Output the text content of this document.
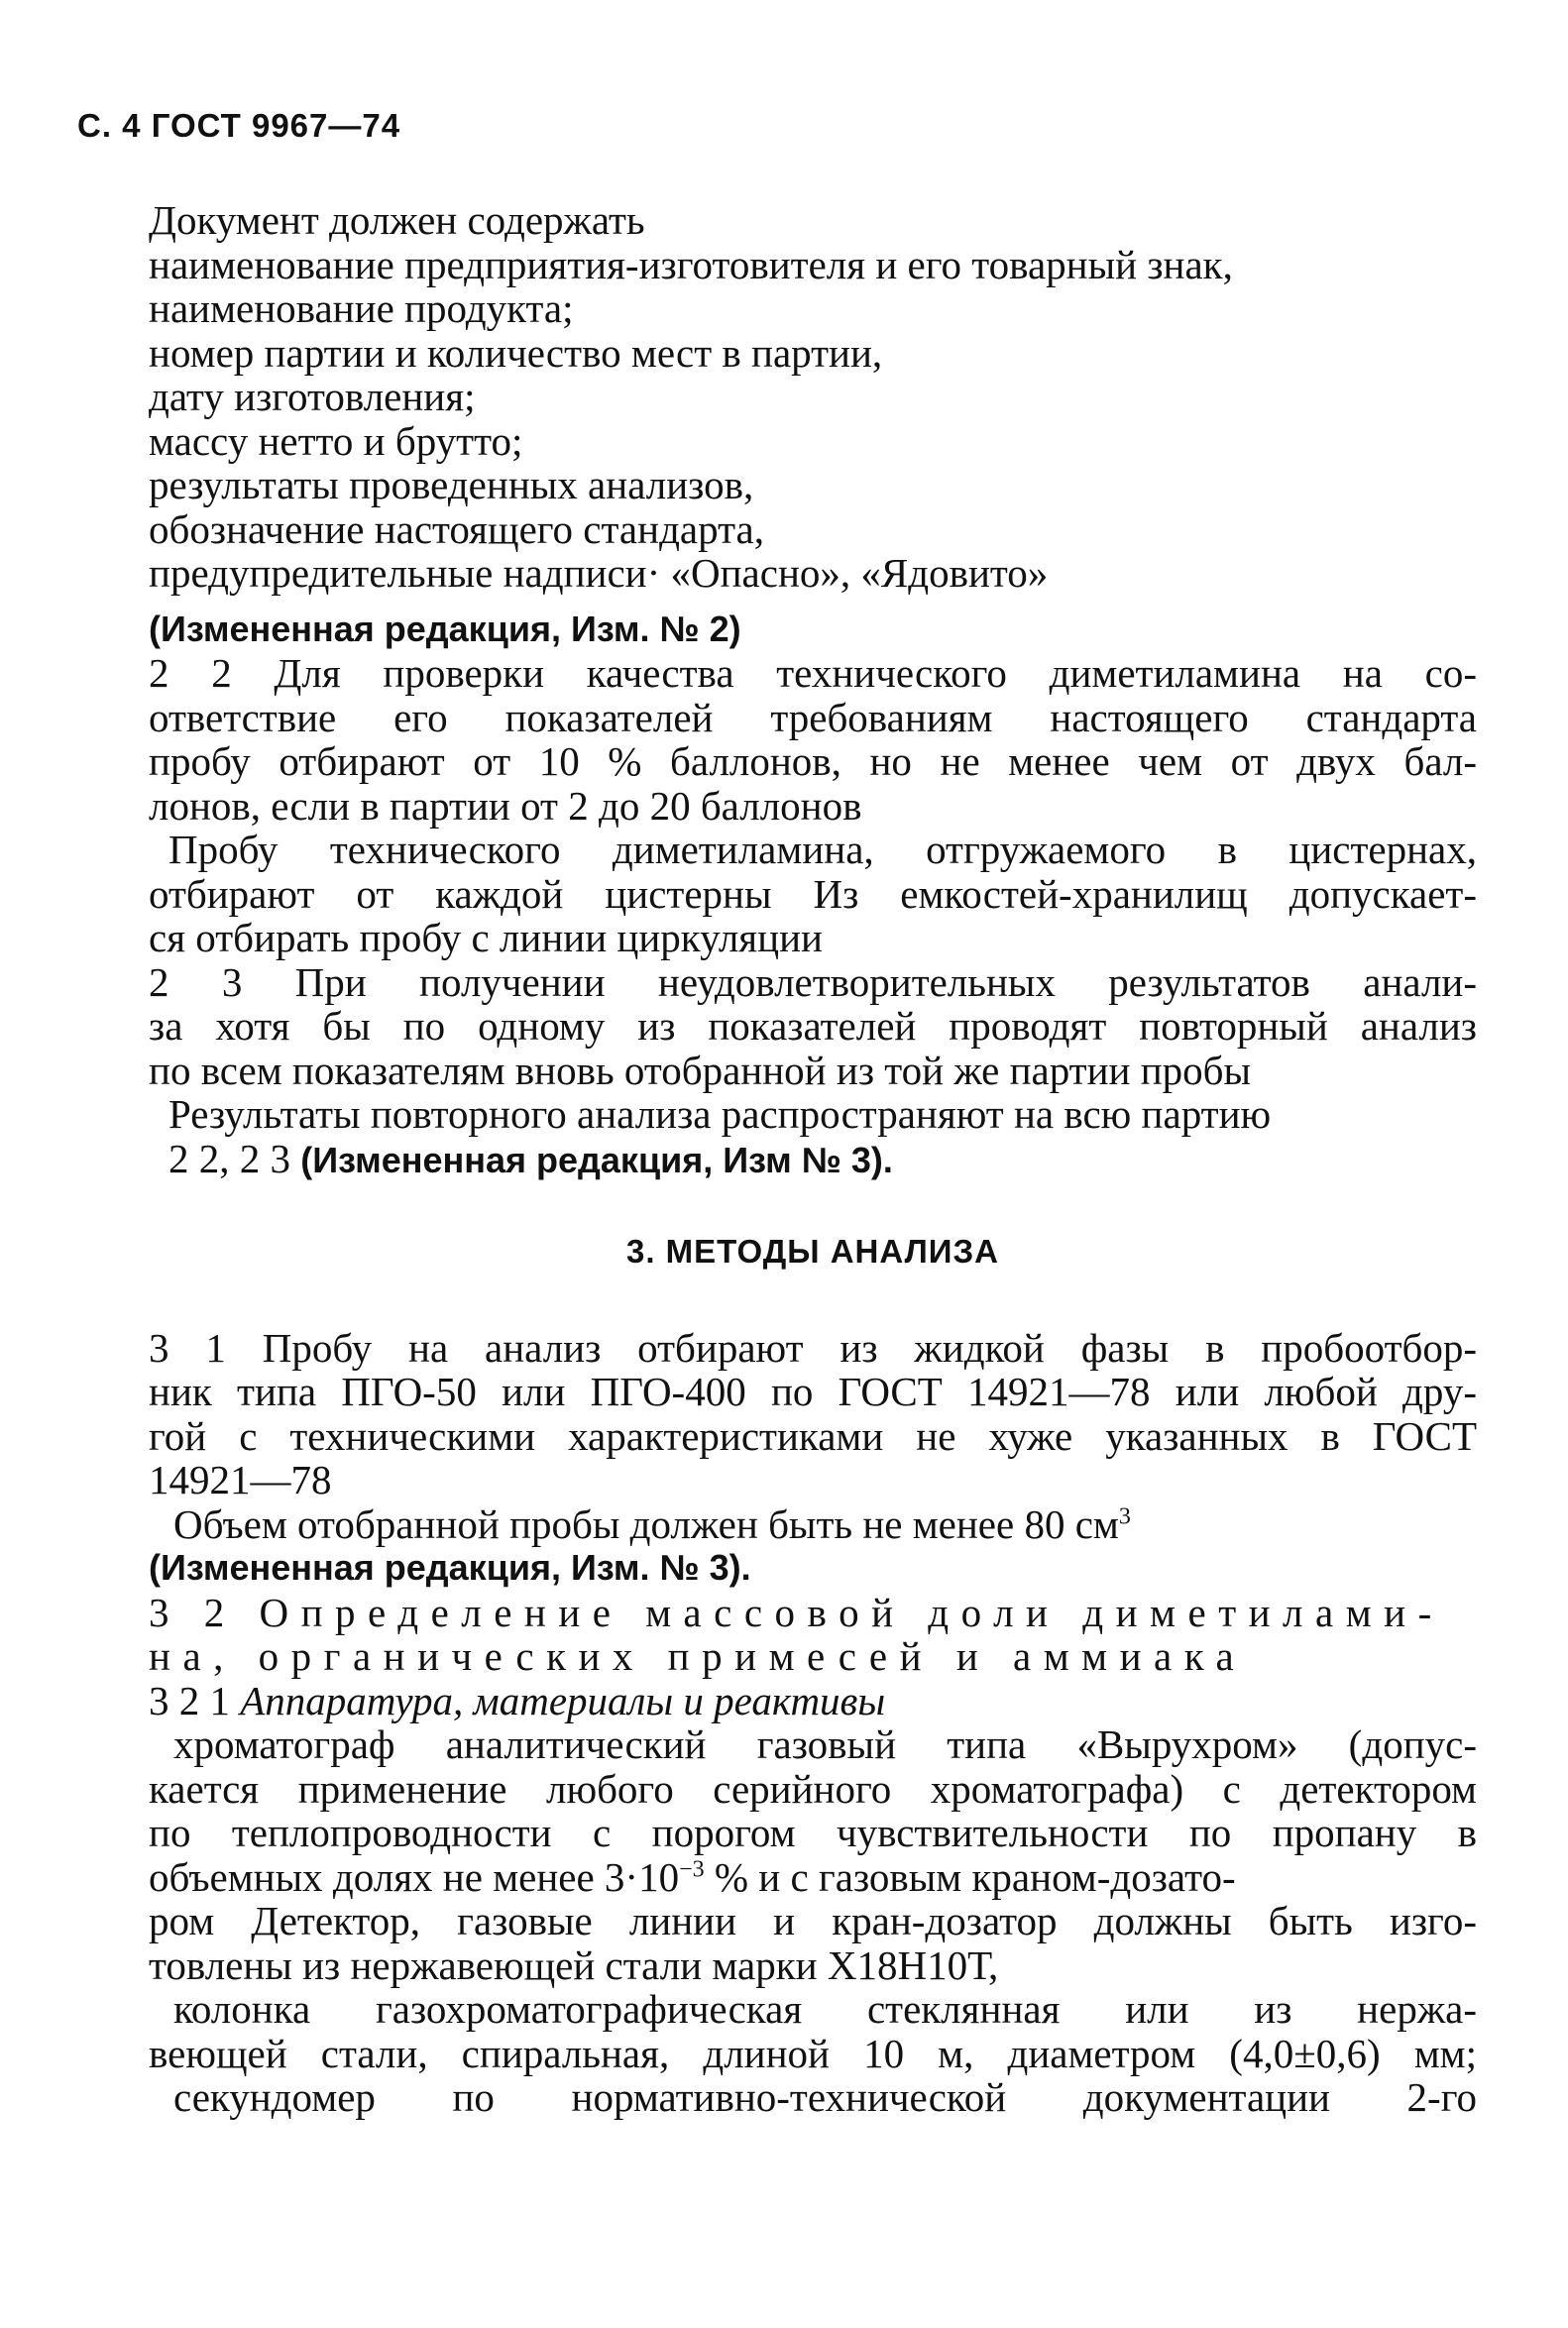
С. 4 ГОСТ 9967—74
Документ должен содержать
наименование предприятия-изготовителя и его товарный знак,
наименование продукта;
номер партии и количество мест в партии,
дату изготовления;
массу нетто и брутто;
результаты проведенных анализов,
обозначение настоящего стандарта,
предупредительные надписи· «Опасно», «Ядовито»
(Измененная редакция, Изм. № 2)
2 2 Для проверки качества технического диметиламина на со-
ответствие его показателей требованиям настоящего стандарта
пробу отбирают от 10 % баллонов, но не менее чем от двух бал-
лонов, если в партии от 2 до 20 баллонов
Пробу технического диметиламина, отгружаемого в цистернах,
отбирают от каждой цистерны Из емкостей-хранилищ допускает-
ся отбирать пробу с линии циркуляции
2 3 При получении неудовлетворительных результатов анали-
за хотя бы по одному из показателей проводят повторный анализ
по всем показателям вновь отобранной из той же партии пробы
Результаты повторного анализа распространяют на всю партию
2 2, 2 3 (Измененная редакция, Изм № 3).
3. МЕТОДЫ АНАЛИЗА
3 1 Пробу на анализ отбирают из жидкой фазы в пробоотбор-
ник типа ПГО-50 или ПГО-400 по ГОСТ 14921—78 или любой дру-
гой с техническими характеристиками не хуже указанных в ГОСТ
14921—78
Объем отобранной пробы должен быть не менее 80 $см^3$
(Измененная редакция, Изм. № 3).
3 2 Определение массовой доли диметилами-
на, органических примесей и аммиака
3 2 1 Аппаратура, материалы и реактивы
хроматограф аналитический газовый типа «Вырухром» (допус-
кается применение любого серийного хроматографа) с детектором
по теплопроводности с порогом чувствительности по пропану в
объемных долях не менее $3\cdot 10^{-3}$ % и с газовым краном-дозато-
ром Детектор, газовые линии и кран-дозатор должны быть изго-
товлены из нержавеющей стали марки Х18Н10Т,
колонка газохроматографическая стеклянная или из нержа-
веющей стали, спиральная, длиной 10 м, диаметром (4,0±0,6) мм;
секундомер по нормативно-технической документации 2-го
